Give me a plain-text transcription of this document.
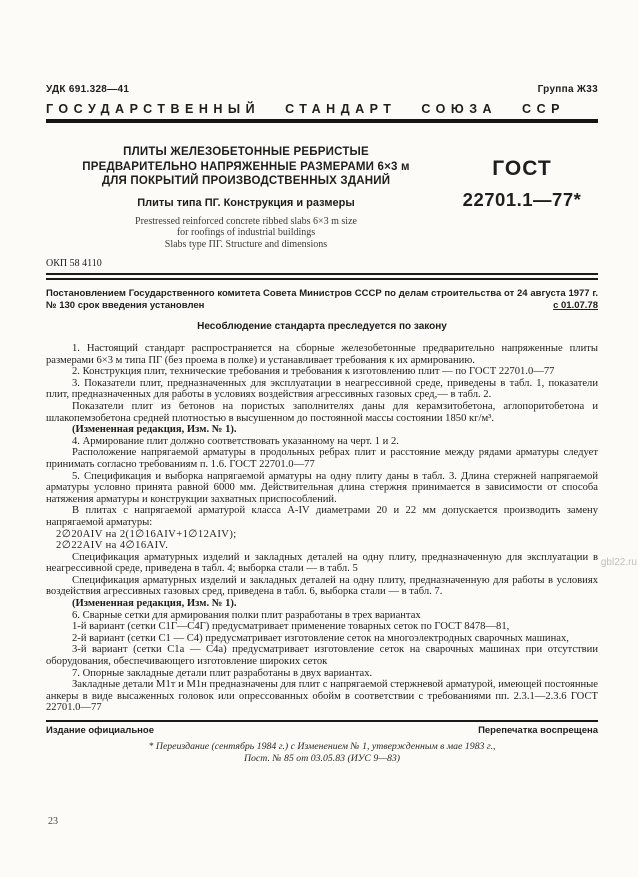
УДК 691.328—41	Группа Ж33
ГОСУДАРСТВЕННЫЙ СТАНДАРТ СОЮЗА ССР
ПЛИТЫ ЖЕЛЕЗОБЕТОННЫЕ РЕБРИСТЫЕ
ПРЕДВАРИТЕЛЬНО НАПРЯЖЕННЫЕ РАЗМЕРАМИ 6×3 м
ДЛЯ ПОКРЫТИЙ ПРОИЗВОДСТВЕННЫХ ЗДАНИЙ
Плиты типа ПГ. Конструкция и размеры
Prestressed reinforced concrete ribbed slabs 6×3 m size
for roofings of industrial buildings
Slabs type ПГ. Structure and dimensions
ГОСТ
22701.1—77*
ОКП 58 4110
Постановлением Государственного комитета Совета Министров СССР по делам строительства от 24 августа 1977 г. № 130 срок введения установлен	с 01.07.78
Несоблюдение стандарта преследуется по закону

1. Настоящий стандарт распространяется на сборные железобетонные предварительно напряженные плиты размерами 6×3 м типа ПГ (без проема в полке) и устанавливает требования к их армированию.

2. Конструкция плит, технические требования и требования к изготовлению плит — по ГОСТ 22701.0—77

3. Показатели плит, предназначенных для эксплуатации в неагрессивной среде, приведены в табл. 1, показатели плит, предназначенных для работы в условиях воздействия агрессивных газовых сред,— в табл. 2.

Показатели плит из бетонов на пористых заполнителях даны для керамзитобетона, аглопоритобетона и шлакопемзобетона средней плотностью в высушенном до постоянной массы состоянии 1850 кг/м³.

(Измененная редакция, Изм. № 1).

4. Армирование плит должно соответствовать указанному на черт. 1 и 2.

Расположение напрягаемой арматуры в продольных ребрах плит и расстояние между рядами арматуры следует принимать согласно требованиям п. 1.6. ГОСТ 22701.0—77

5. Спецификация и выборка напрягаемой арматуры на одну плиту даны в табл. 3. Длина стержней напрягаемой арматуры условно принята равной 6000 мм. Действительная длина стержня принимается в зависимости от способа натяжения арматуры и конструкции захватных приспособлений.

В плитах с напрягаемой арматурой класса А-IV диаметрами 20 и 22 мм допускается производить замену напрягаемой арматуры:

2∅20АIV на 2(1∅16АIV+1∅12АIV);

2∅22АIV на 4∅16АIV.

Спецификация арматурных изделий и закладных деталей на одну плиту, предназначенную для эксплуатации в неагрессивной среде, приведена в табл. 4; выборка стали — в табл. 5

Спецификация арматурных изделий и закладных деталей на одну плиту, предназначенную для работы в условиях воздействия агрессивных газовых сред, приведена в табл. 6, выборка стали — в табл. 7.

(Измененная редакция, Изм. № 1).

6. Сварные сетки для армирования полки плит разработаны в трех вариантах

1-й вариант (сетки С1Г—С4Г) предусматривает применение товарных сеток по ГОСТ 8478—81,

2-й вариант (сетки С1 — С4) предусматривает изготовление сеток на многоэлектродных сварочных машинах,

3-й вариант (сетки С1а — С4а) предусматривает изготовление сеток на сварочных машинах при отсутствии оборудования, обеспечивающего изготовление широких сеток

7. Опорные закладные детали плит разработаны в двух вариантах.

Закладные детали М1т и М1н предназначены для плит с напрягаемой стержневой арматурой, имеющей постоянные анкеры в виде высаженных головок или опрессованных обойм в соответствии с требованиями пп. 2.3.1—2.3.6 ГОСТ 22701.0—77

Издание официальное	Перепечатка воспрещена
* Переиздание (сентябрь 1984 г.) с Изменением № 1, утвержденным в мае 1983 г.,
Пост. № 85 от 03.05.83 (ИУС 9—83)
23
gbl22.ru
